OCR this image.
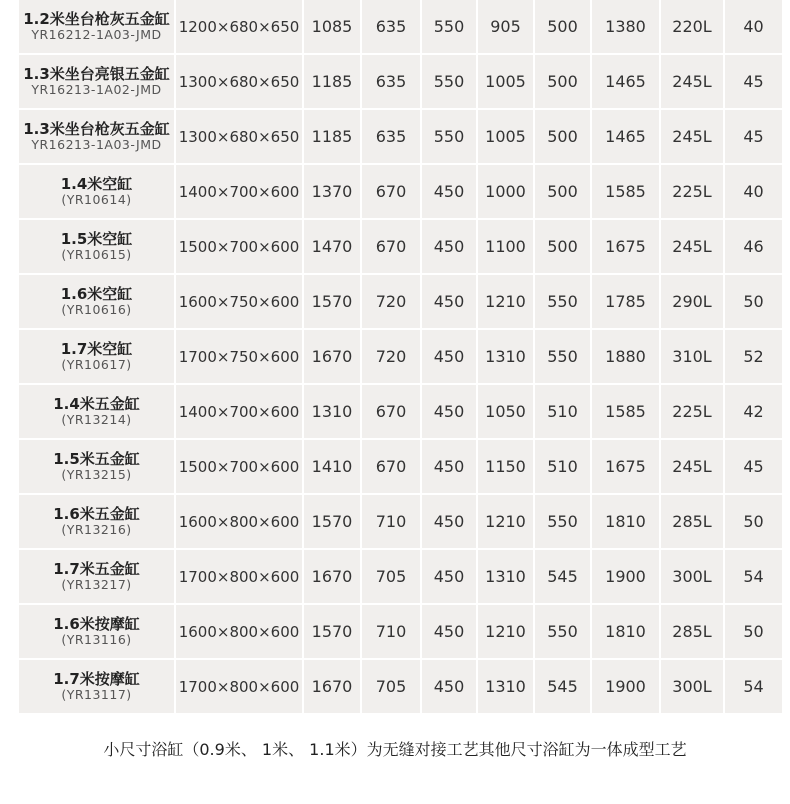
1.2米坐台枪灰五金缸
YR16212-1A03-JMD	1200×680×650	1085	635	550	905	500	1380	220L	40

1.3米坐台亮银五金缸
YR16213-1A02-JMD	1300×680×650	1185	635	550	1005	500	1465	245L	45

1.3米坐台枪灰五金缸
YR16213-1A03-JMD	1300×680×650	1185	635	550	1005	500	1465	245L	45

1.4米空缸
(YR10614)	1400×700×600	1370	670	450	1000	500	1585	225L	40

1.5米空缸
(YR10615)	1500×700×600	1470	670	450	1100	500	1675	245L	46

1.6米空缸
(YR10616)	1600×750×600	1570	720	450	1210	550	1785	290L	50

1.7米空缸
(YR10617)	1700×750×600	1670	720	450	1310	550	1880	310L	52

1.4米五金缸
(YR13214)	1400×700×600	1310	670	450	1050	510	1585	225L	42

1.5米五金缸
(YR13215)	1500×700×600	1410	670	450	1150	510	1675	245L	45

1.6米五金缸
(YR13216)	1600×800×600	1570	710	450	1210	550	1810	285L	50

1.7米五金缸
(YR13217)	1700×800×600	1670	705	450	1310	545	1900	300L	54

1.6米按摩缸
(YR13116)	1600×800×600	1570	710	450	1210	550	1810	285L	50

1.7米按摩缸
(YR13117)	1700×800×600	1670	705	450	1310	545	1900	300L	54
小尺寸浴缸（0.9米、 1米、 1.1米）为无缝对接工艺其他尺寸浴缸为一体成型工艺
